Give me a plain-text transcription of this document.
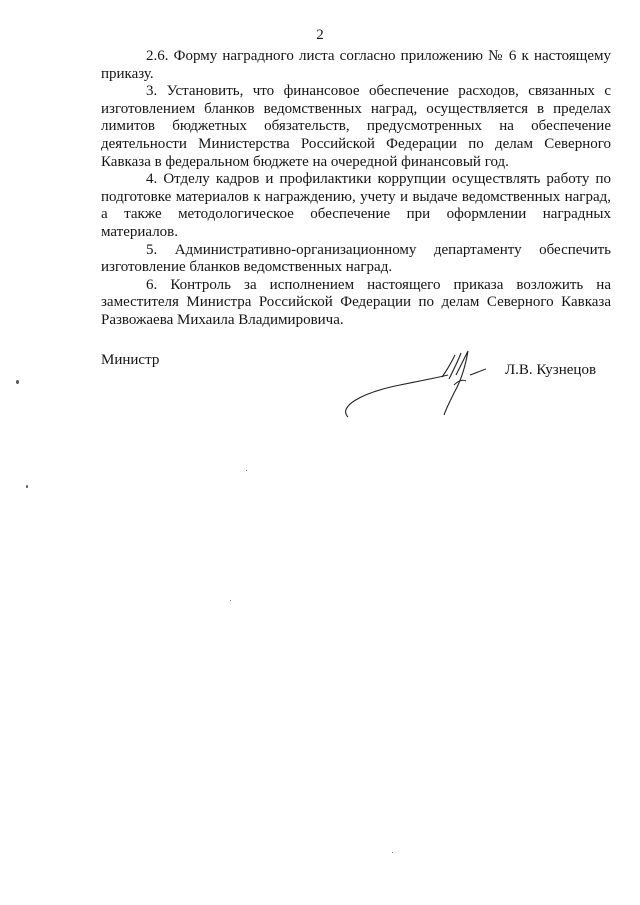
2

2.6. Форму наградного листа согласно приложению № 6 к настоящему приказу.

3. Установить, что финансовое обеспечение расходов, связанных с изготовлением бланков ведомственных наград, осуществляется в пределах лимитов бюджетных обязательств, предусмотренных на обеспечение деятельности Министерства Российской Федерации по делам Северного Кавказа в федеральном бюджете на очередной финансовый год.

4. Отделу кадров и профилактики коррупции осуществлять работу по подготовке материалов к награждению, учету и выдаче ведомственных наград, а также методологическое обеспечение при оформлении наградных материалов.

5. Административно-организационному департаменту обеспечить изготовление бланков ведомственных наград.

6. Контроль за исполнением настоящего приказа возложить на заместителя Министра Российской Федерации по делам Северного Кавказа Развожаева Михаила Владимировича.

Министр
Л.В. Кузнецов
